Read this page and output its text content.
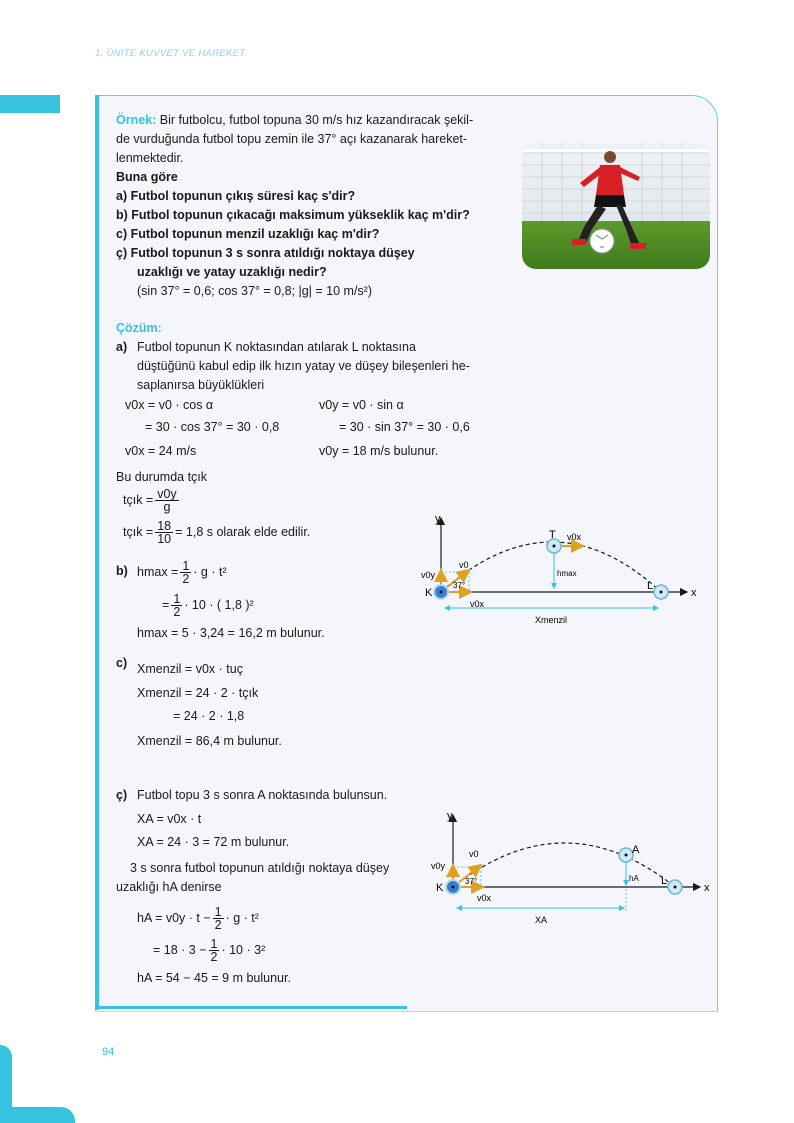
1. ÜNİTE KUVVET VE HAREKET
Örnek: Bir futbolcu, futbol topuna 30 m/s hız kazandıracak şekil-
de vurduğunda futbol topu zemin ile 37° açı kazanarak hareket-
lenmektedir.
Buna göre
a) Futbol topunun çıkış süresi kaç s'dir?
b) Futbol topunun çıkacağı maksimum yükseklik kaç m'dir?
c) Futbol topunun menzil uzaklığı kaç m'dir?
ç) Futbol topunun 3 s sonra atıldığı noktaya düşey
uzaklığı ve yatay uzaklığı nedir?
(sin 37° = 0,6; cos 37° = 0,8; |g| = 10 m/s²)
Çözüm:
a) Futbol topunun K noktasından atılarak L noktasına
düştüğünü kabul edip ilk hızın yatay ve düşey bileşenleri he-
saplanırsa büyüklükleri
v0x = v0 · cos α
= 30 · cos 37° = 30 · 0,8
v0x = 24 m/s
v0y = v0 · sin α
= 30 · sin 37° = 30 · 0,6
v0y = 18 m/s bulunur.
Bu durumda tçık
tçık = $\frac{v0y}{g}$
tçık = $\frac{18}{10} = 1,8$ s olarak elde edilir.
b) $hmax = \frac{1}{2} \cdot g \cdot t^2$
= $\frac{1}{2} \cdot 10$ · ( 1,8 )²
hmax = 5 · 3,24 = 16,2 m bulunur.
c) Xmenzil = v0x · tuç
Xmenzil = 24 · 2 · tçık
= 24 · 2 · 1,8
Xmenzil = 86,4 m bulunur.
ç) Futbol topu 3 s sonra A noktasında bulunsun.
XA = v0x · t
XA = 24 · 3 = 72 m bulunur.
3 s sonra futbol topunun atıldığı noktaya düşey
uzaklığı hA denirse
hA = $v0y \cdot t - \frac{1}{2} \cdot g \cdot t^2$
= $18 \cdot 3 - \frac{1}{2} \cdot 10 \cdot 3^2$
hA = 54 − 45 = 9 m bulunur.
y
x
K
L
T
v0
v0y
v0x
v0x
37°
hmax
Xmenzil
y
x
K
L
A
v0
v0y
v0x
37°	hA
XA
94
